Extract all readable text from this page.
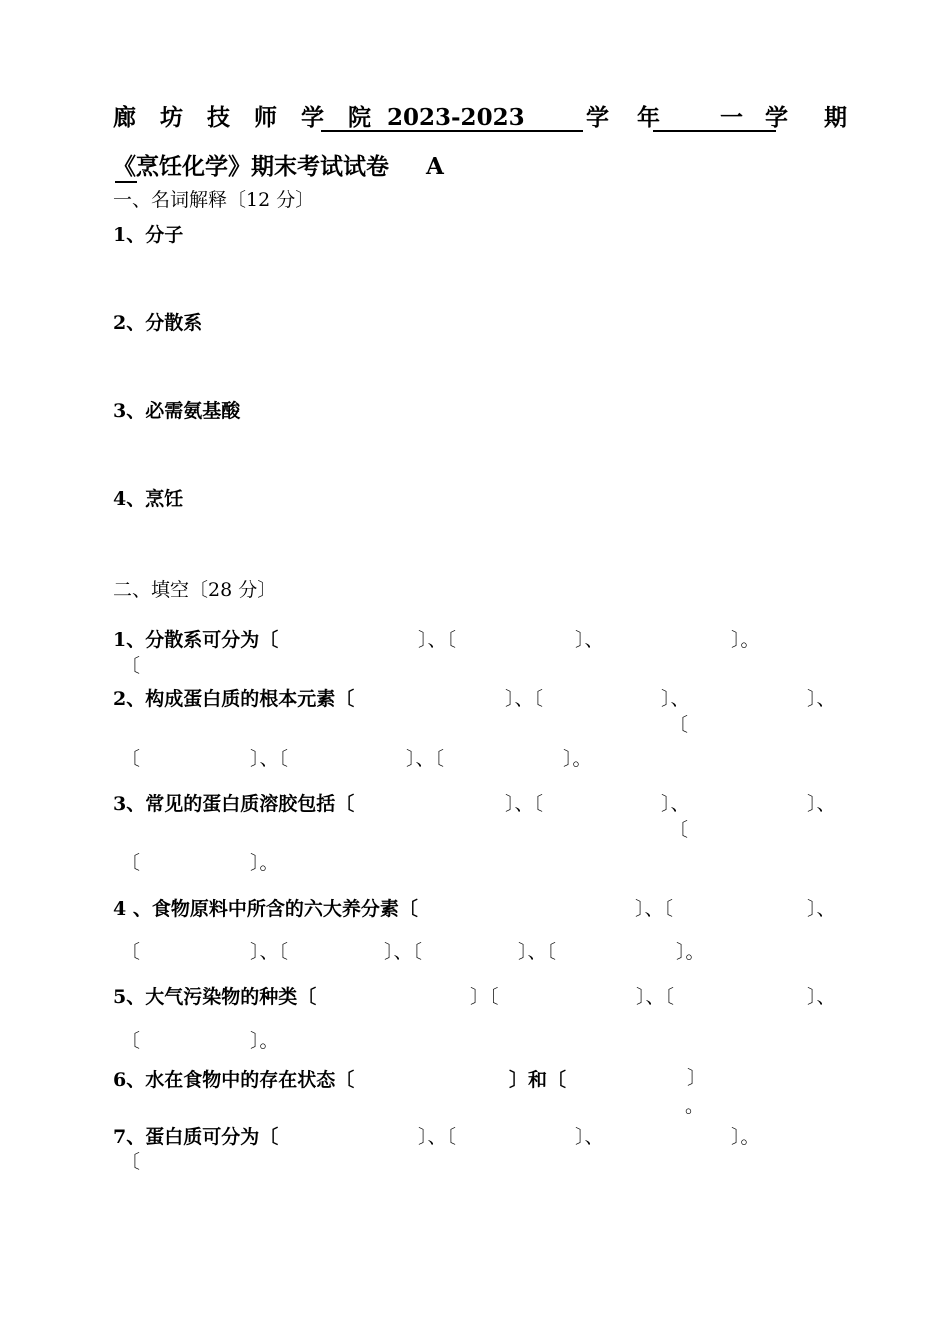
廊 坊 技 师 学 院 2023-2023	学 年 一 学 期
《烹饪化学》期末考试试卷 A
一、名词解释〔12 分〕
1、分子
2、分散系
3、必需氨基酸
4、烹饪
二、填空〔28 分〕
1、分散系可分为〔	〕、〔	〕、	〕。
〔
2、构成蛋白质的根本元素〔	〕、〔	〕、	〕、
〔
〔	〕、〔	〕、〔	〕。
3、常见的蛋白质溶胶包括〔	〕、〔	〕、	〕、
〔
〔	〕。
4 、食物原料中所含的六大养分素〔	〕、〔	〕、
〔	〕、〔	〕、〔	〕、〔	〕。
5、大气污染物的种类〔	〕〔	〕、〔	〕、
〔	〕。
6、水在食物中的存在状态〔	〕和〔	〕
。
7、蛋白质可分为〔	〕、〔	〕、	〕。
〔
